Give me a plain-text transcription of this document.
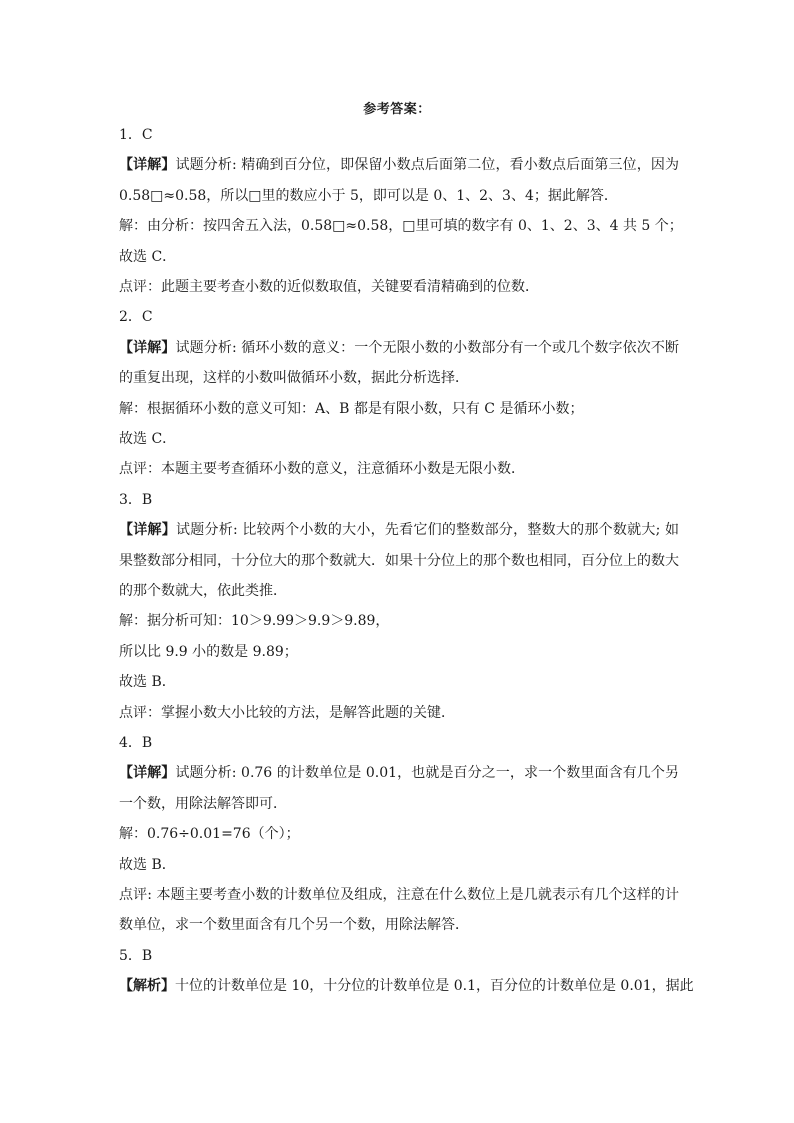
参考答案：
1．C
【详解】试题分析: 精确到百分位，即保留小数点后面第二位，看小数点后面第三位，因为0.58□≈0.58，所以□里的数应小于 5，即可以是 0、1、2、3、4；据此解答．
解：由分析：按四舍五入法，0.58□≈0.58，□里可填的数字有 0、1、2、3、4 共 5 个；
故选 C．
点评：此题主要考查小数的近似数取值，关键要看清精确到的位数．
2．C
【详解】试题分析: 循环小数的意义：一个无限小数的小数部分有一个或几个数字依次不断的重复出现，这样的小数叫做循环小数，据此分析选择．
解：根据循环小数的意义可知：A、B 都是有限小数，只有 C 是循环小数；
故选 C．
点评：本题主要考查循环小数的意义，注意循环小数是无限小数．
3．B
【详解】试题分析: 比较两个小数的大小，先看它们的整数部分，整数大的那个数就大; 如果整数部分相同，十分位大的那个数就大．如果十分位上的那个数也相同，百分位上的数大的那个数就大，依此类推．
解：据分析可知：10＞9.99＞9.9＞9.89，
所以比 9.9 小的数是 9.89；
故选 B．
点评：掌握小数大小比较的方法，是解答此题的关键．
4．B
【详解】试题分析: 0.76 的计数单位是 0.01，也就是百分之一，求一个数里面含有几个另一个数，用除法解答即可．
解：0.76÷0.01=76（个）；
故选 B．
点评: 本题主要考查小数的计数单位及组成，注意在什么数位上是几就表示有几个这样的计数单位，求一个数里面含有几个另一个数，用除法解答．
5．B
【解析】十位的计数单位是 10，十分位的计数单位是 0.1，百分位的计数单位是 0.01，据此
